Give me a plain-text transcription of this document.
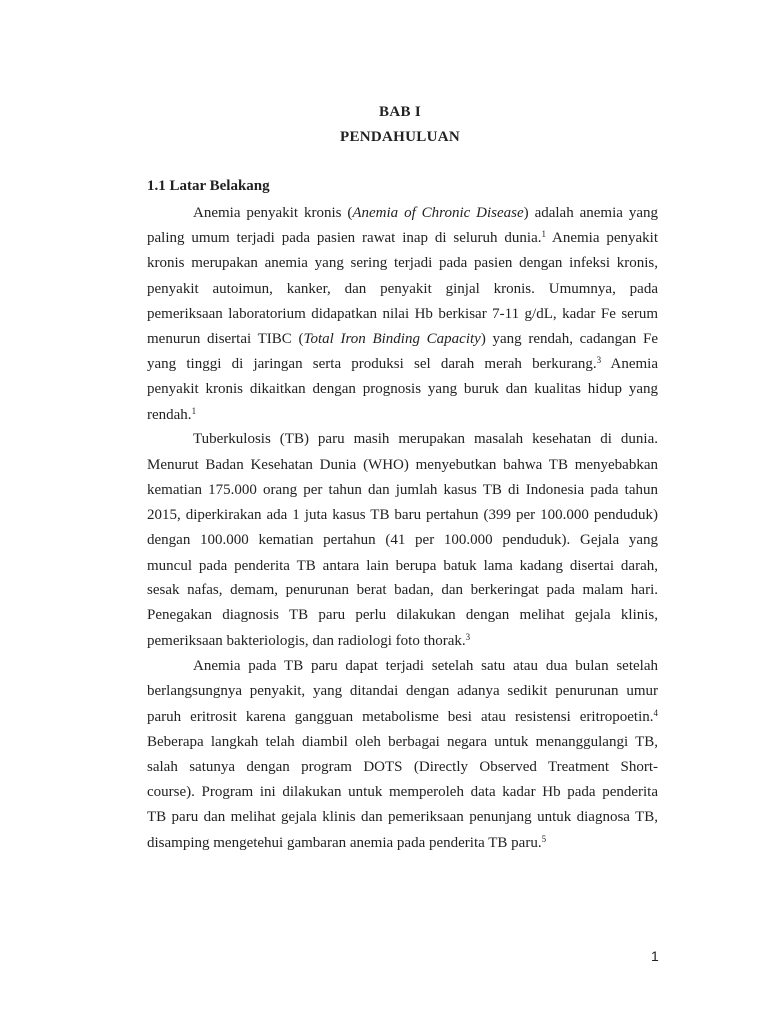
BAB I
PENDAHULUAN
1.1 Latar Belakang
Anemia penyakit kronis (Anemia of Chronic Disease) adalah anemia yang
paling umum terjadi pada pasien rawat inap di seluruh dunia.$^1$ Anemia penyakit
kronis merupakan anemia yang sering terjadi pada pasien dengan infeksi kronis,
penyakit autoimun, kanker, dan penyakit ginjal kronis. Umumnya, pada
pemeriksaan laboratorium didapatkan nilai Hb berkisar 7-11 g/dL, kadar Fe serum
menurun disertai TIBC (Total Iron Binding Capacity) yang rendah, cadangan Fe
yang tinggi di jaringan serta produksi sel darah merah berkurang.$^3$ Anemia
penyakit kronis dikaitkan dengan prognosis yang buruk dan kualitas hidup yang
rendah.$^1$
Tuberkulosis (TB) paru masih merupakan masalah kesehatan di dunia.
Menurut Badan Kesehatan Dunia (WHO) menyebutkan bahwa TB menyebabkan
kematian 175.000 orang per tahun dan jumlah kasus TB di Indonesia pada tahun
2015, diperkirakan ada 1 juta kasus TB baru pertahun (399 per 100.000 penduduk)
dengan 100.000 kematian pertahun (41 per 100.000 penduduk). Gejala yang
muncul pada penderita TB antara lain berupa batuk lama kadang disertai darah,
sesak nafas, demam, penurunan berat badan, dan berkeringat pada malam hari.
Penegakan diagnosis TB paru perlu dilakukan dengan melihat gejala klinis,
pemeriksaan bakteriologis, dan radiologi foto thorak.$^3$
Anemia pada TB paru dapat terjadi setelah satu atau dua bulan setelah
berlangsungnya penyakit, yang ditandai dengan adanya sedikit penurunan umur
paruh eritrosit karena gangguan metabolisme besi atau resistensi eritropoetin.$^4$
Beberapa langkah telah diambil oleh berbagai negara untuk menanggulangi TB,
salah satunya dengan program DOTS (Directly Observed Treatment Short-
course). Program ini dilakukan untuk memperoleh data kadar Hb pada penderita
TB paru dan melihat gejala klinis dan pemeriksaan penunjang untuk diagnosa TB,
disamping mengetehui gambaran anemia pada penderita TB paru.$^5$
1
